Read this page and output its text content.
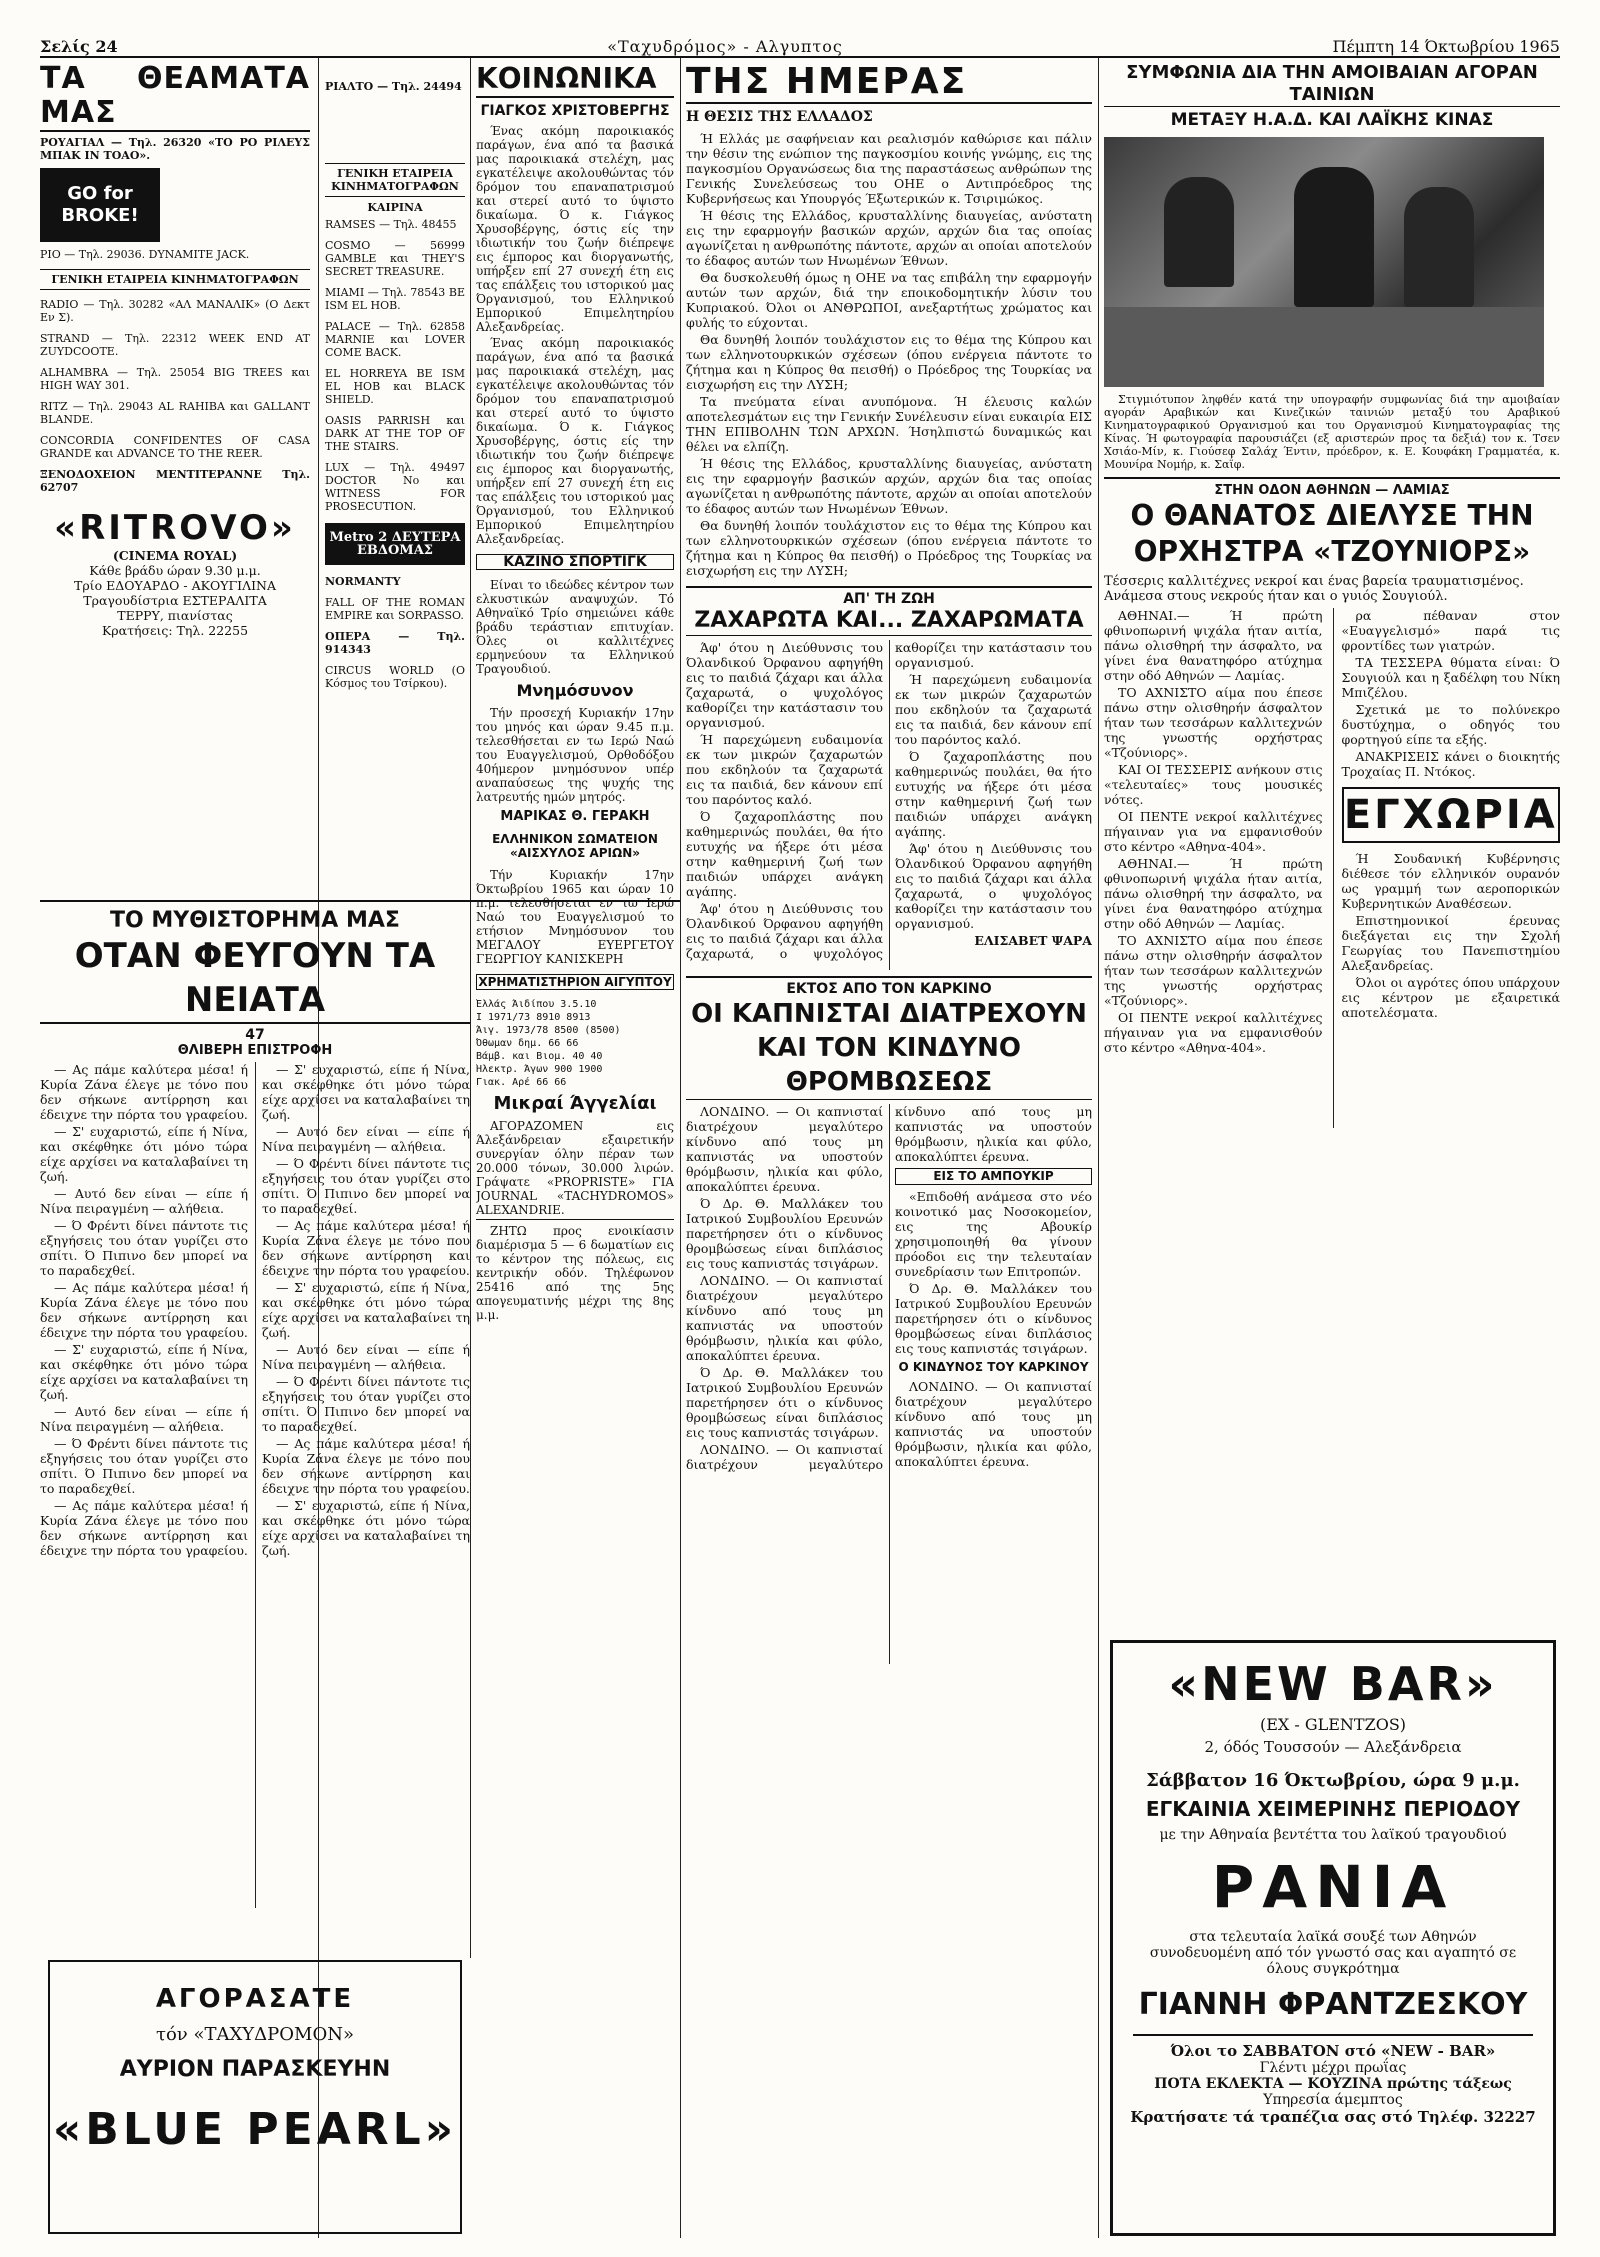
Σελίς 24	«Ταχυδρόμος» - Αλγυπτος	Πέμπτη 14 Όκτωβρίου 1965
ΤΑ ΘΕΑΜΑΤΑ ΜΑΣ
ΡΟΥΑΓΙΑΛ — Τηλ. 26320 «ΤΟ ΡΟ ΡΙΛΕΥΣ ΜΠΑΚ ΙΝ ΤΟΑΟ».
GO for BROKE!
ΡΙΟ — Τηλ. 29036. DYNAMITE JACK.
ΓΕΝΙΚΗ ΕΤΑΙΡΕΙΑ ΚΙΝΗΜΑΤΟΓΡΑΦΩΝ
RADIO — Τηλ. 30282 «ΑΛ ΜΑΝΑΛΙΚ» (Ο Δεκτ Εν Σ).
STRAND — Τηλ. 22312 WEEK END AT ZUYDCOOTE.
ALHAMBRA — Τηλ. 25054 BIG TREES και HIGH WAY 301.
RITZ — Τηλ. 29043 AL RAHIBA και GALLANT BLANDE.
CONCORDIA CONFIDENTES OF CASA GRANDE και ADVANCE TO THE REER.
ΞΕΝΟΔΟΧΕΙΟΝ ΜΕΝΤΙΤΕΡΑΝΝΕ Τηλ. 62707
«RITROVO»
(CINEMA ROYAL)
Κάθε βράδυ ώραν 9.30 μ.μ.
Τρίο ΕΔΟΥΑΡΔΟ - ΑΚΟΥΓΙΛΙΝΑ
Τραγουδίστρια ΕΣΤΕΡΑΛΙΤΑ
ΤΕΡΡΥ, πιανίστας
Κρατήσεις: Τηλ. 22255
ΤΟ ΜΥΘΙΣΤΟΡΗΜΑ ΜΑΣ
ΟΤΑΝ ΦΕΥΓΟΥΝ ΤΑ ΝΕΙΑΤΑ
47
ΘΛΙΒΕΡΗ ΕΠΙΣΤΡΟΦΗ

— Ας πάμε καλύτερα μέσα! ή Κυρία Ζάνα έλεγε με τόνο που δεν σήκωνε αντίρρηση και έδειχνε την πόρτα του γραφείου.

— Σ' ευχαριστώ, είπε ή Νίνα, και σκέφθηκε ότι μόνο τώρα είχε αρχίσει να καταλαβαίνει τη ζωή.

— Αυτό δεν είναι — είπε ή Νίνα πειραγμένη — αλήθεια.

— Ό Φρέντι δίνει πάντοτε τις εξηγήσεις του όταν γυρίζει στο σπίτι. Ό Πιπινο δεν μπορεί να το παραδεχθεί.

— Ας πάμε καλύτερα μέσα! ή Κυρία Ζάνα έλεγε με τόνο που δεν σήκωνε αντίρρηση και έδειχνε την πόρτα του γραφείου.

— Σ' ευχαριστώ, είπε ή Νίνα, και σκέφθηκε ότι μόνο τώρα είχε αρχίσει να καταλαβαίνει τη ζωή.

— Αυτό δεν είναι — είπε ή Νίνα πειραγμένη — αλήθεια.

— Ό Φρέντι δίνει πάντοτε τις εξηγήσεις του όταν γυρίζει στο σπίτι. Ό Πιπινο δεν μπορεί να το παραδεχθεί.

— Ας πάμε καλύτερα μέσα! ή Κυρία Ζάνα έλεγε με τόνο που δεν σήκωνε αντίρρηση και έδειχνε την πόρτα του γραφείου.

— Σ' ευχαριστώ, είπε ή Νίνα, και σκέφθηκε ότι μόνο τώρα είχε αρχίσει να καταλαβαίνει τη ζωή.

— Αυτό δεν είναι — είπε ή Νίνα πειραγμένη — αλήθεια.

— Ό Φρέντι δίνει πάντοτε τις εξηγήσεις του όταν γυρίζει στο σπίτι. Ό Πιπινο δεν μπορεί να το παραδεχθεί.

— Ας πάμε καλύτερα μέσα! ή Κυρία Ζάνα έλεγε με τόνο που δεν σήκωνε αντίρρηση και έδειχνε την πόρτα του γραφείου.

— Σ' ευχαριστώ, είπε ή Νίνα, και σκέφθηκε ότι μόνο τώρα είχε αρχίσει να καταλαβαίνει τη ζωή.

— Αυτό δεν είναι — είπε ή Νίνα πειραγμένη — αλήθεια.

— Ό Φρέντι δίνει πάντοτε τις εξηγήσεις του όταν γυρίζει στο σπίτι. Ό Πιπινο δεν μπορεί να το παραδεχθεί.

— Ας πάμε καλύτερα μέσα! ή Κυρία Ζάνα έλεγε με τόνο που δεν σήκωνε αντίρρηση και έδειχνε την πόρτα του γραφείου.

— Σ' ευχαριστώ, είπε ή Νίνα, και σκέφθηκε ότι μόνο τώρα είχε αρχίσει να καταλαβαίνει τη ζωή.

ΑΓΟΡΑΣΑΤΕ
τόν «ΤΑΧΥΔΡΟΜΟΝ»
ΑΥΡΙΟΝ ΠΑΡΑΣΚΕΥΗΝ
«BLUE PEARL»
ΡΙΑΛΤΟ — Τηλ. 24494
ΓΕΝΙΚΗ ΕΤΑΙΡΕΙΑ ΚΙΝΗΜΑΤΟΓΡΑΦΩΝ
ΚΑΙΡΙΝΑ
RAMSES — Τηλ. 48455
COSMO — 56999 GAMBLE και THEY'S SECRET TREASURE.
MIAMI — Τηλ. 78543 BE ISM EL HOB.
PALACE — Τηλ. 62858 MARNIE και LOVER COME BACK.
EL HORREYA BE ISM EL HOB και BLACK SHIELD.
OASIS PARRISH και DARK AT THE TOP OF THE STAIRS.
LUX — Τηλ. 49497 DOCTOR No και WITNESS FOR PROSECUTION.
Metro 2 ΔΕΥΤΕΡΑ ΕΒΔΟΜΑΣ
NORMANTY
FALL OF THE ROMAN EMPIRE και SORPASSO.
ΟΠΕΡΑ — Τηλ. 914343
CIRCUS WORLD (Ο Κόσμος του Τσίρκου).
ΚΟΙΝΩΝΙΚΑ
ΓΙΑΓΚΟΣ ΧΡΙΣΤΟΒΕΡΓΗΣ

Ένας ακόμη παροικιακός παράγων, ένα από τα βασικά μας παροικιακά στελέχη, μας εγκατέλειψε ακολουθώντας τόν δρόμον του επαναπατρισμού και στερεί αυτό το ύψιστο δικαίωμα. Ό κ. Γιάγκος Χρυσοβέργης, όστις είς την ιδιωτικήν του ζωήν διέπρεψε εις έμπορος και διοργανωτής, υπήρξεν επί 27 συνεχή έτη εις τας επάλξεις του ιστορικού μας Όργανισμού, του Ελληνικού Εμπορικού Επιμελητηρίου Αλεξανδρείας.

Ένας ακόμη παροικιακός παράγων, ένα από τα βασικά μας παροικιακά στελέχη, μας εγκατέλειψε ακολουθώντας τόν δρόμον του επαναπατρισμού και στερεί αυτό το ύψιστο δικαίωμα. Ό κ. Γιάγκος Χρυσοβέργης, όστις είς την ιδιωτικήν του ζωήν διέπρεψε εις έμπορος και διοργανωτής, υπήρξεν επί 27 συνεχή έτη εις τας επάλξεις του ιστορικού μας Όργανισμού, του Ελληνικού Εμπορικού Επιμελητηρίου Αλεξανδρείας.

ΚΑΖΙΝΟ ΣΠΟΡΤΙΓΚ

Είναι το ιδεώδες κέντρον των ελκυστικών αναψυχών. Τό Αθηναϊκό Τρίο σημειώνει κάθε βράδυ τεράστιαν επιτυχίαν. Όλες οι καλλιτέχνες ερμηνεύουν τα Ελληνικού Τραγουδιού.

Μνημόσυνον

Τήν προσεχή Κυριακήν 17ην του μηνός και ώραν 9.45 π.μ. τελεσθήσεται εν τω Ιερώ Ναώ του Ευαγγελισμού, Ορθοδόξου 40ήμερον μνημόσυνον υπέρ αναπαύσεως της ψυχής της λατρευτής ημών μητρός.

ΜΑΡΙΚΑΣ Θ. ΓΕΡΑΚΗ
ΕΛΛΗΝΙΚΟΝ ΣΩΜΑΤΕΙΟΝ «ΑΙΣΧΥΛΟΣ ΑΡΙΩΝ»

Τήν Κυριακήν 17ην Όκτωβρίου 1965 και ώραν 10 π.μ. τελεσθήσεται εν τω Ιερώ Ναώ του Ευαγγελισμού το ετήσιον Μνημόσυνον του ΜΕΓΑΛΟΥ ΕΥΕΡΓΕΤΟΥ ΓΕΩΡΓΙΟΥ ΚΑΝΙΣΚΕΡΗ

ΧΡΗΜΑΤΙΣΤΗΡΙΟΝ ΑΙΓΥΠΤΟΥ
Έλλάς Άιδίπου 3.5.10
Ι 1971/73 8910 8913
Άιγ. 1973/78 8500 (8500)
Όθωμαν δημ. 66 66
Βάμβ. και Βιομ. 40 40
Ήλεκτρ. Άγων 900 1900
Γιακ. Αρέ 66 66
Μικραί Άγγελίαι

ΑΓΟΡΑΖΟΜΕΝ εις Άλεξάνδρειαν εξαιρετικήν συνεργίαν όλην πέραν των 20.000 τόνων, 30.000 λιρών. Γράψατε «PROPRISTE» ΓΙΑ JOURNAL «TACHYDROMOS» ALEXANDRIE.

ΖΗΤΩ προς ενοικίασιν διαμέρισμα 5 — 6 δωματίων εις το κέντρον της πόλεως, εις κεντρικήν οδόν. Τηλέφωνον 25416 από της 5ης απογευματινής μέχρι της 8ης μ.μ.

ΤΗΣ ΗΜΕΡΑΣ
Η ΘΕΣΙΣ ΤΗΣ ΕΛΛΑΔΟΣ

Ή Ελλάς με σαφήνειαν και ρεαλισμόν καθώρισε και πάλιν την θέσιν της ενώπιον της παγκοσμίου κοινής γνώμης, εις της παγκοσμίου Οργανώσεως δια της παραστάσεως ανθρώπων της Γενικής Συνελεύσεως του ΟΗΕ ο Αντιπρόεδρος της Κυβερνήσεως και Υπουργός Έξωτερικών κ. Τσιριμώκος.

Ή θέσις της Ελλάδος, κρυσταλλίνης διαυγείας, ανύστατη εις την εφαρμογήν βασικών αρχών, αρχών δια τας οποίας αγωνίζεται η ανθρωπότης πάντοτε, αρχών αι οποίαι αποτελούν το έδαφος αυτών των Ηνωμένων Έθνων.

Θα δυσκολευθή όμως η ΟΗΕ να τας επιβάλη την εφαρμογήν αυτών των αρχών, διά την εποικοδομητικήν λύσιν του Κυπριακού. Όλοι οι ΑΝΘΡΩΠΟΙ, ανεξαρτήτως χρώματος και φυλής το εύχονται.

Θα δυνηθή λοιπόν τουλάχιστον εις το θέμα της Κύπρου και των ελληνοτουρκικών σχέσεων (όπου ενέργεια πάντοτε το ζήτημα και η Κύπρος θα πεισθή) ο Πρόεδρος της Τουρκίας να εισχωρήση εις την ΛΥΣΗ;

Τα πνεύματα είναι ανυπόμονα. Ή έλευσις καλών αποτελεσμάτων εις την Γενικήν Συνέλευσιν είναι ευκαιρία ΕΙΣ ΤΗΝ ΕΠΙΒΟΛΗΝ ΤΩΝ ΑΡΧΩΝ. Ήσηλπιστώ δυναμικώς και θέλει να ελπίζη.

Ή θέσις της Ελλάδος, κρυσταλλίνης διαυγείας, ανύστατη εις την εφαρμογήν βασικών αρχών, αρχών δια τας οποίας αγωνίζεται η ανθρωπότης πάντοτε, αρχών αι οποίαι αποτελούν το έδαφος αυτών των Ηνωμένων Έθνων.

Θα δυνηθή λοιπόν τουλάχιστον εις το θέμα της Κύπρου και των ελληνοτουρκικών σχέσεων (όπου ενέργεια πάντοτε το ζήτημα και η Κύπρος θα πεισθή) ο Πρόεδρος της Τουρκίας να εισχωρήση εις την ΛΥΣΗ;

ΑΠ' ΤΗ ΖΩΗ
ΖΑΧΑΡΩΤΑ ΚΑΙ... ΖΑΧΑΡΩΜΑΤΑ

Άφ' ότου η Διεύθυνσις του Όλανδικού Όρφανου αφηγήθη εις το παιδιά ζάχαρι και άλλα ζαχαρωτά, ο ψυχολόγος καθορίζει την κατάστασιν του οργανισμού.

Ή παρεχώμενη ευδαιμονία εκ των μικρών ζαχαρωτών που εκδηλούν τα ζαχαρωτά εις τα παιδιά, δεν κάνουν επί του παρόντος καλό.

Ό ζαχαροπλάστης που καθημερινώς πουλάει, θα ήτο ευτυχής να ήξερε ότι μέσα στην καθημερινή ζωή των παιδιών υπάρχει ανάγκη αγάπης.

Άφ' ότου η Διεύθυνσις του Όλανδικού Όρφανου αφηγήθη εις το παιδιά ζάχαρι και άλλα ζαχαρωτά, ο ψυχολόγος καθορίζει την κατάστασιν του οργανισμού.

Ή παρεχώμενη ευδαιμονία εκ των μικρών ζαχαρωτών που εκδηλούν τα ζαχαρωτά εις τα παιδιά, δεν κάνουν επί του παρόντος καλό.

Ό ζαχαροπλάστης που καθημερινώς πουλάει, θα ήτο ευτυχής να ήξερε ότι μέσα στην καθημερινή ζωή των παιδιών υπάρχει ανάγκη αγάπης.

Άφ' ότου η Διεύθυνσις του Όλανδικού Όρφανου αφηγήθη εις το παιδιά ζάχαρι και άλλα ζαχαρωτά, ο ψυχολόγος καθορίζει την κατάστασιν του οργανισμού.

ΕΛΙΣΑΒΕΤ ΨΑΡΑ

ΕΚΤΟΣ ΑΠΟ ΤΟΝ ΚΑΡΚΙΝΟ
ΟΙ ΚΑΠΝΙΣΤΑΙ ΔΙΑΤΡΕΧΟΥΝ ΚΑΙ ΤΟΝ ΚΙΝΔΥΝΟ ΘΡΟΜΒΩΣΕΩΣ

ΛΟΝΔΙΝΟ. — Οι καπνισταί διατρέχουν μεγαλύτερο κίνδυνο από τους μη καπνιστάς να υποστούν θρόμβωσιν, ηλικία και φύλο, αποκαλύπτει έρευνα.

Ό Δρ. Θ. Μαλλάκεν του Ιατρικού Συμβουλίου Ερευνών παρετήρησεν ότι ο κίνδυνος θρομβώσεως είναι διπλάσιος εις τους καπνιστάς τσιγάρων.

ΛΟΝΔΙΝΟ. — Οι καπνισταί διατρέχουν μεγαλύτερο κίνδυνο από τους μη καπνιστάς να υποστούν θρόμβωσιν, ηλικία και φύλο, αποκαλύπτει έρευνα.

Ό Δρ. Θ. Μαλλάκεν του Ιατρικού Συμβουλίου Ερευνών παρετήρησεν ότι ο κίνδυνος θρομβώσεως είναι διπλάσιος εις τους καπνιστάς τσιγάρων.

ΛΟΝΔΙΝΟ. — Οι καπνισταί διατρέχουν μεγαλύτερο κίνδυνο από τους μη καπνιστάς να υποστούν θρόμβωσιν, ηλικία και φύλο, αποκαλύπτει έρευνα.

ΕΙΣ ΤΟ ΑΜΠΟΥΚΙΡ

«Επιδοθή ανάμεσα στο νέο κοινοτικό μας Νοσοκομείον, εις της Αβουκίρ χρησιμοποιηθή θα γίνουν πρόοδοι εις την τελευταίαν συνεδρίασιν των Επιτροπών.

Ό Δρ. Θ. Μαλλάκεν του Ιατρικού Συμβουλίου Ερευνών παρετήρησεν ότι ο κίνδυνος θρομβώσεως είναι διπλάσιος εις τους καπνιστάς τσιγάρων.

Ο ΚΙΝΔΥΝΟΣ ΤΟΥ ΚΑΡΚΙΝΟΥ

ΛΟΝΔΙΝΟ. — Οι καπνισταί διατρέχουν μεγαλύτερο κίνδυνο από τους μη καπνιστάς να υποστούν θρόμβωσιν, ηλικία και φύλο, αποκαλύπτει έρευνα.

ΣΥΜΦΩΝΙΑ ΔΙΑ ΤΗΝ ΑΜΟΙΒΑΙΑΝ ΑΓΟΡΑΝ ΤΑΙΝΙΩΝ
ΜΕΤΑΞΥ Η.Α.Δ. ΚΑΙ ΛΑΪΚΗΣ ΚΙΝΑΣ

Στιγμιότυπον ληφθέν κατά την υπογραφήν συμφωνίας διά την αμοιβαίαν αγοράν Αραβικών και Κινεζικών ταινιών μεταξύ του Αραβικού Κινηματογραφικού Οργανισμού και του Οργανισμού Κινηματογραφίας της Κίνας. Ή φωτογραφία παρουσιάζει (εξ αριστερών προς τα δεξιά) τον κ. Τσεν Χσιάο-Μίν, κ. Γιούσεφ Σαλάχ Έντιν, πρόεδρον, κ. Ε. Κουφάκη Γραμματέα, κ. Μουνίρα Νομήρ, κ. Σαΐφ.

ΣΤΗΝ ΟΔΟΝ ΑΘΗΝΩΝ — ΛΑΜΙΑΣ
Ο ΘΑΝΑΤΟΣ ΔΙΕΛΥΣΕ ΤΗΝ ΟΡΧΗΣΤΡΑ «ΤΖΟΥΝΙΟΡΣ»
Τέσσερις καλλιτέχνες νεκροί και ένας βαρεία τραυματισμένος.
Ανάμεσα στους νεκρούς ήταν και ο γυιός Σουγιούλ.

ΑΘΗΝΑΙ.— Ή πρώτη φθινοπωρινή ψιχάλα ήταν αιτία, πάνω ολισθηρή την άσφαλτο, να γίνει ένα θανατηφόρο ατύχημα στην οδό Αθηνών — Λαμίας.

ΤΟ ΑΧΝΙΣΤΟ αίμα που έπεσε πάνω στην ολισθηρήν άσφαλτον ήταν των τεσσάρων καλλιτεχνών της γνωστής ορχήστρας «Τζούνιορς».

ΚΑΙ ΟΙ ΤΕΣΣΕΡΙΣ ανήκουν στις «τελευταίες» τους μουσικές νότες.

ΟΙ ΠΕΝΤΕ νεκροί καλλιτέχνες πήγαιναν για να εμφανισθούν στο κέντρο «Αθηνα-404».

ΑΘΗΝΑΙ.— Ή πρώτη φθινοπωρινή ψιχάλα ήταν αιτία, πάνω ολισθηρή την άσφαλτο, να γίνει ένα θανατηφόρο ατύχημα στην οδό Αθηνών — Λαμίας.

ΤΟ ΑΧΝΙΣΤΟ αίμα που έπεσε πάνω στην ολισθηρήν άσφαλτον ήταν των τεσσάρων καλλιτεχνών της γνωστής ορχήστρας «Τζούνιορς».

ΟΙ ΠΕΝΤΕ νεκροί καλλιτέχνες πήγαιναν για να εμφανισθούν στο κέντρο «Αθηνα-404».

ρα πέθαναν στον «Ευαγγελισμό» παρά τις φροντίδες των γιατρών.

ΤΑ ΤΕΣΣΕΡΑ θύματα είναι: Ό Σουγιούλ και η ξαδέλφη του Νίκη Μπιζέλου.

Σχετικά με το πολύνεκρο δυστύχημα, ο οδηγός του φορτηγού είπε τα εξής.

ΑΝΑΚΡΙΣΕΙΣ κάνει ο διοικητής Τροχαίας Π. Ντόκος.

ΕΓΧΩΡΙΑ

Ή Σουδανική Κυβέρνησις διέθεσε τόν ελληνικόν ουρανόν ως γραμμή των αεροπορικών Κυβερνητικών Αναθέσεων.

Επιστημονικοί έρευνας διεξάγεται εις την Σχολή Γεωργίας του Πανεπιστημίου Αλεξανδρείας.

Όλοι οι αγρότες όπου υπάρχουν εις κέντρον με εξαιρετικά αποτελέσματα.

«NEW BAR»
(EX - GLENTZOS)
2, όδός Τουσσούν — Αλεξάνδρεια
Σάββατον 16 Όκτωβρίου, ώρα 9 μ.μ.
ΕΓΚΑΙΝΙΑ ΧΕΙΜΕΡΙΝΗΣ ΠΕΡΙΟΔΟΥ
με την Αθηναία βεντέττα του λαϊκού τραγουδιού
ΡΑΝΙΑ
στα τελευταία λαϊκά σουξέ των Αθηνών συνοδευομένη από τόν γνωστό σας και αγαπητό σε όλους συγκρότημα
ΓΙΑΝΝΗ ΦΡΑΝΤΖΕΣΚΟΥ
Όλοι το ΣΑΒΒΑΤΟΝ στό «NEW - BAR»
Γλέντι μέχρι πρωΐας
ΠΟΤΑ ΕΚΛΕΚΤΑ — ΚΟΥΖΙΝΑ πρώτης τάξεως
Υπηρεσία άμεμπτος
Κρατήσατε τά τραπέζια σας στό Τηλέφ. 32227
